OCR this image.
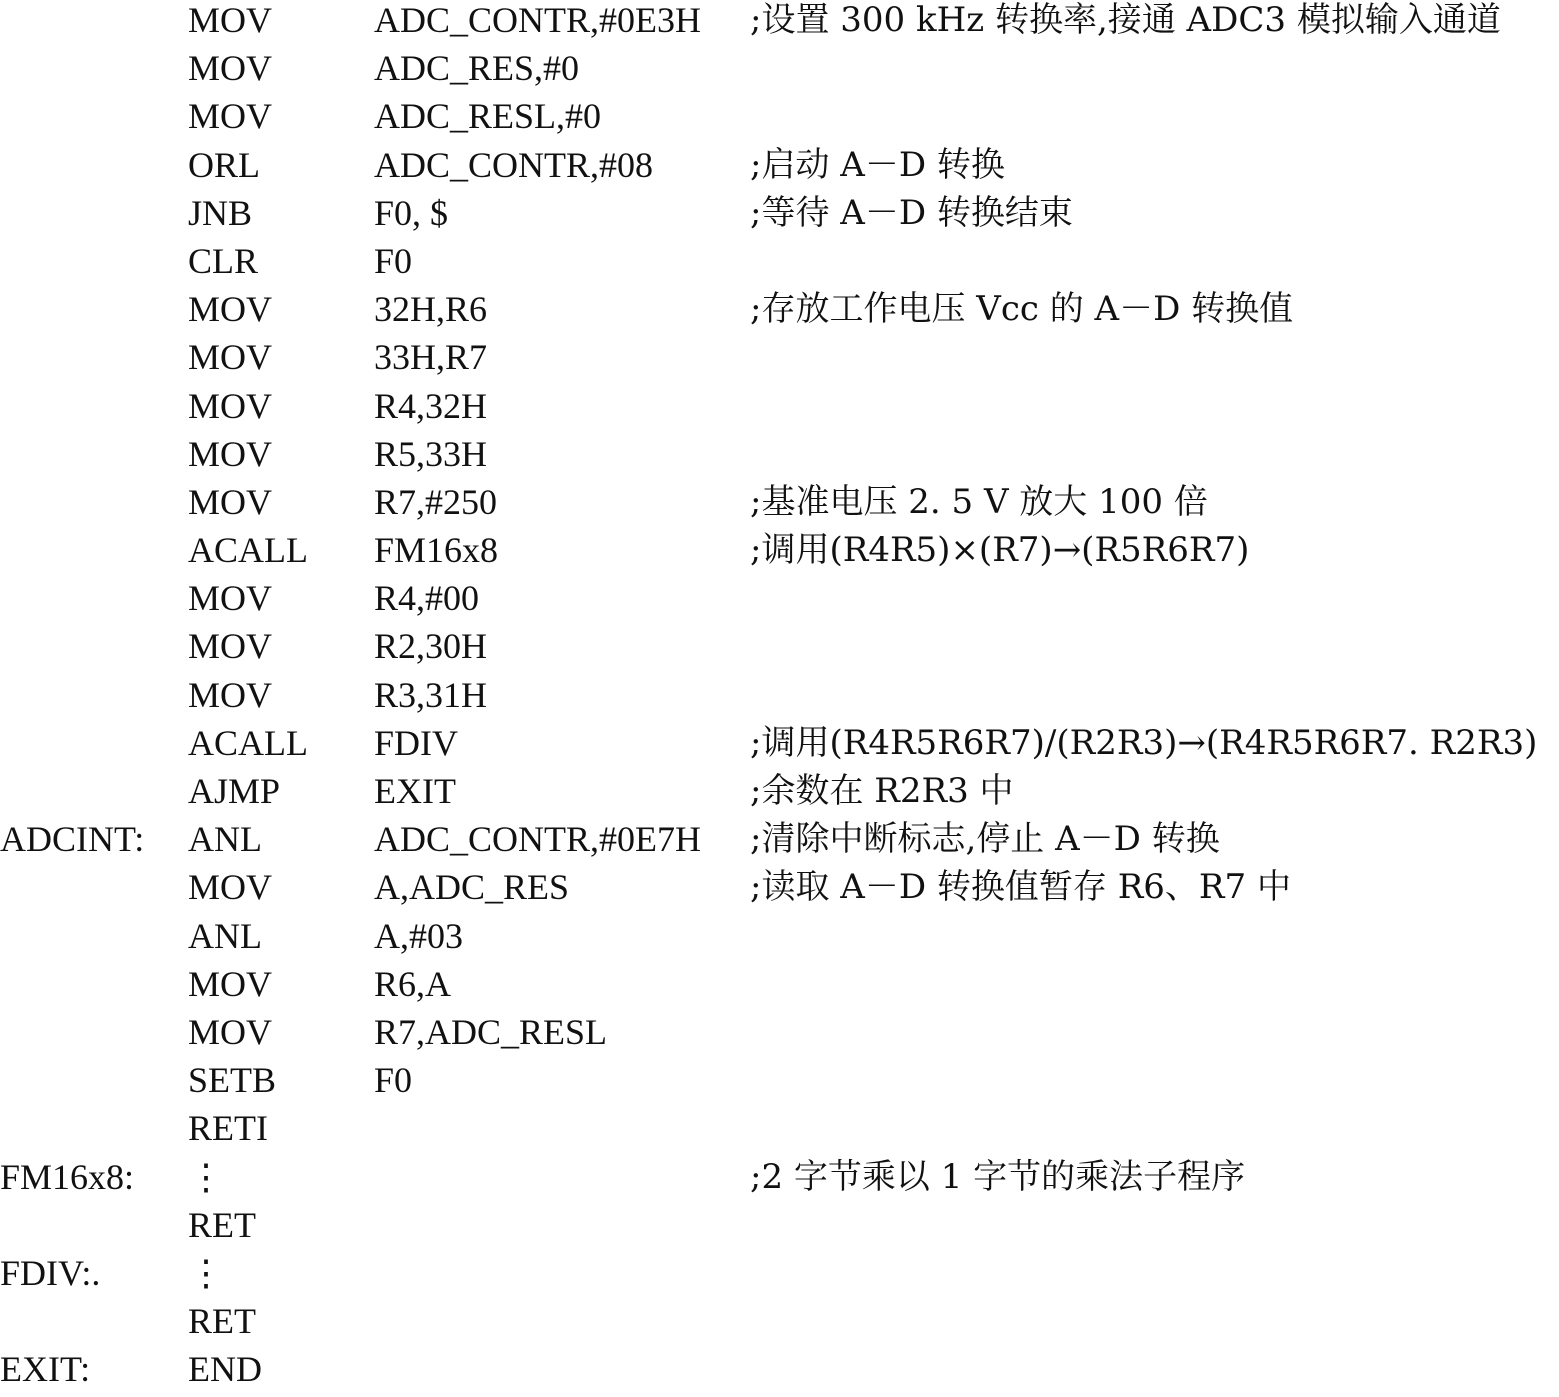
MOV	ADC_CONTR,#0E3H ;设置 300 kHz 转换率,接通 ADC3 模拟输入通道
MOV	ADC_RES,#0
MOV	ADC_RESL,#0
ORL	ADC_CONTR,#08	;启动 A－D 转换
JNB	F0, $	;等待 A－D 转换结束
CLR	F0
MOV	32H,R6	;存放工作电压 Vcc 的 A－D 转换值
MOV	33H,R7
MOV	R4,32H
MOV	R5,33H
MOV	R7,#250	;基准电压 2. 5 V 放大 100 倍
ACALL FM16x8	;调用(R4R5)×(R7)→(R5R6R7)
MOV	R4,#00
MOV	R2,30H
MOV	R3,31H
ACALL FDIV	;调用(R4R5R6R7)/(R2R3)→(R4R5R6R7. R2R3)
AJMP	EXIT	;余数在 R2R3 中
ADCINT: ANL	ADC_CONTR,#0E7H ;清除中断标志,停止 A－D 转换
MOV	A,ADC_RES	;读取 A－D 转换值暂存 R6、R7 中
ANL	A,#03
MOV	R6,A
MOV	R7,ADC_RESL
SETB	F0
RETI
FM16x8: ⋮	;2 字节乘以 1 字节的乘法子程序
RET
FDIV:. ⋮
RET
EXIT:	END
